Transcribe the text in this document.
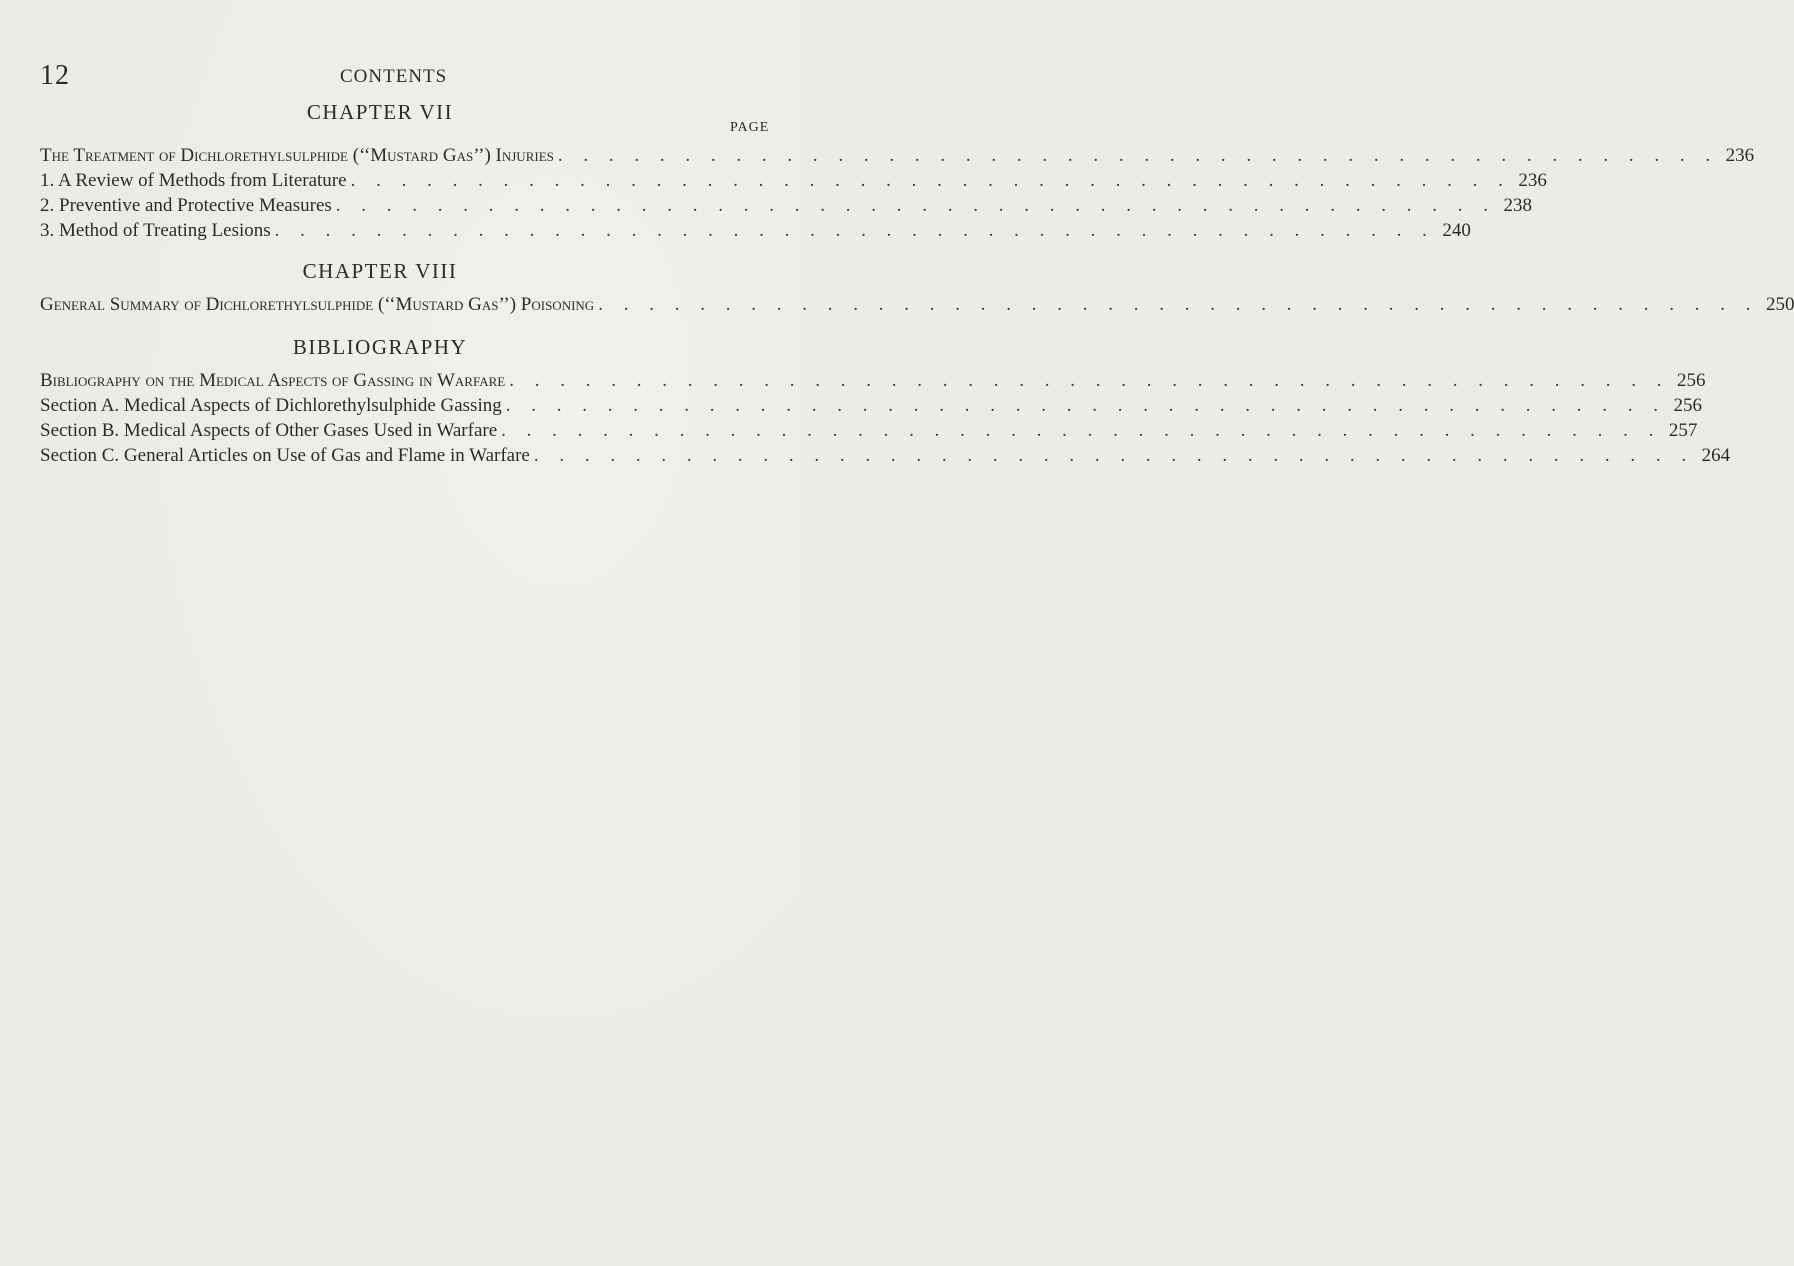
12	CONTENTS
CHAPTER VII
PAGE
The Treatment of Dichlorethylsulphide (‘‘Mustard Gas’’) Injuries . . . . . . . . . . . . . . . . . . . . . . . . . . . . . . . . . . . . . . . . . . . . . . 236
1. A Review of Methods from Literature . . . . . . . . . . . . . . . . . . . . . . . . . . . . . . . . . . . . . . . . . . . . . . 236
2. Preventive and Protective Measures . . . . . . . . . . . . . . . . . . . . . . . . . . . . . . . . . . . . . . . . . . . . . . 238
3. Method of Treating Lesions . . . . . . . . . . . . . . . . . . . . . . . . . . . . . . . . . . . . . . . . . . . . . . 240
CHAPTER VIII
General Summary of Dichlorethylsulphide (‘‘Mustard Gas’’) Poisoning . . . . . . . . . . . . . . . . . . . . . . . . . . . . . . . . . . . . . . . . . . . . . . 250
BIBLIOGRAPHY
Bibliography on the Medical Aspects of Gassing in Warfare . . . . . . . . . . . . . . . . . . . . . . . . . . . . . . . . . . . . . . . . . . . . . . 256
Section A. Medical Aspects of Dichlorethylsulphide Gassing . . . . . . . . . . . . . . . . . . . . . . . . . . . . . . . . . . . . . . . . . . . . . . 256
Section B. Medical Aspects of Other Gases Used in Warfare . . . . . . . . . . . . . . . . . . . . . . . . . . . . . . . . . . . . . . . . . . . . . . 257
Section C. General Articles on Use of Gas and Flame in Warfare . . . . . . . . . . . . . . . . . . . . . . . . . . . . . . . . . . . . . . . . . . . . . . 264
